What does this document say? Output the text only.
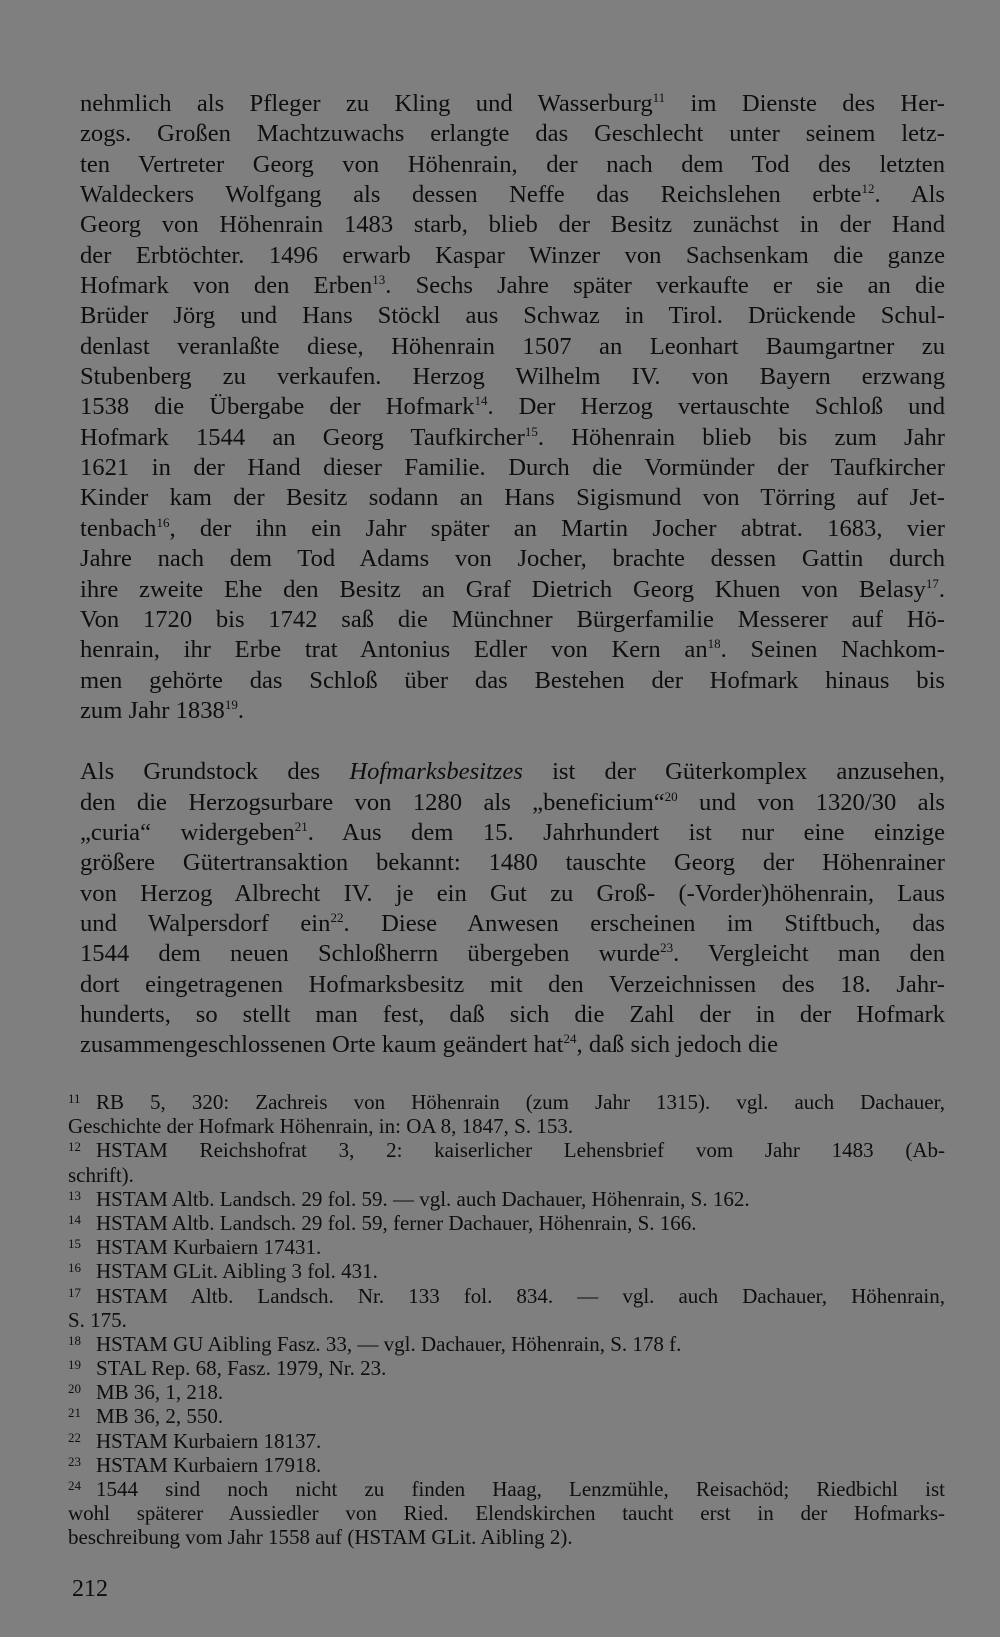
nehmlich als Pfleger zu Kling und Wasserburg$^{11}$ im Dienste des Her-
zogs. Großen Machtzuwachs erlangte das Geschlecht unter seinem letz-
ten Vertreter Georg von Höhenrain, der nach dem Tod des letzten
Waldeckers Wolfgang als dessen Neffe das Reichslehen erbte$^{12}$. Als
Georg von Höhenrain 1483 starb, blieb der Besitz zunächst in der Hand
der Erbtöchter. 1496 erwarb Kaspar Winzer von Sachsenkam die ganze
Hofmark von den Erben$^{13}$. Sechs Jahre später verkaufte er sie an die
Brüder Jörg und Hans Stöckl aus Schwaz in Tirol. Drückende Schul-
denlast veranlaßte diese, Höhenrain 1507 an Leonhart Baumgartner zu
Stubenberg zu verkaufen. Herzog Wilhelm IV. von Bayern erzwang
1538 die Übergabe der Hofmark$^{14}$. Der Herzog vertauschte Schloß und
Hofmark 1544 an Georg Taufkircher$^{15}$. Höhenrain blieb bis zum Jahr
1621 in der Hand dieser Familie. Durch die Vormünder der Taufkircher
Kinder kam der Besitz sodann an Hans Sigismund von Törring auf Jet-
tenbach$^{16}$, der ihn ein Jahr später an Martin Jocher abtrat. 1683, vier
Jahre nach dem Tod Adams von Jocher, brachte dessen Gattin durch
ihre zweite Ehe den Besitz an Graf Dietrich Georg Khuen von Belasy$^{17}$.
Von 1720 bis 1742 saß die Münchner Bürgerfamilie Messerer auf Hö-
henrain, ihr Erbe trat Antonius Edler von Kern $an^{18}$. Seinen Nachkom-
men gehörte das Schloß über das Bestehen der Hofmark hinaus bis
zum Jahr 1838$^{19}$.
Als Grundstock des Hofmarksbesitzes ist der Güterkomplex anzusehen,
den die Herzogsurbare von 1280 als „beneficium“$^{20}$ und von 1320/30 als
„curia“ widergeben$^{21}$. Aus dem 15. Jahrhundert ist nur eine einzige
größere Gütertransaktion bekannt: 1480 tauschte Georg der Höhenrainer
von Herzog Albrecht IV. je ein Gut zu Groß- (-Vorder)höhenrain, Laus
und Walpersdorf ein$^{22}$. Diese Anwesen erscheinen im Stiftbuch, das
1544 dem neuen Schloßherrn übergeben wurde$^{23}$. Vergleicht man den
dort eingetragenen Hofmarksbesitz mit den Verzeichnissen des 18. Jahr-
hunderts, so stellt man fest, daß sich die Zahl der in der Hofmark
zusammengeschlossenen Orte kaum geändert hat$^{24}$, daß sich jedoch die
11 RB 5, 320: Zachreis von Höhenrain (zum Jahr 1315). vgl. auch Dachauer,
Geschichte der Hofmark Höhenrain, in: OA 8, 1847, S. 153.
12 HSTAM Reichshofrat 3, 2: kaiserlicher Lehensbrief vom Jahr 1483 (Ab-
schrift).
13 HSTAM Altb. Landsch. 29 fol. 59. — vgl. auch Dachauer, Höhenrain, S. 162.
14 HSTAM Altb. Landsch. 29 fol. 59, ferner Dachauer, Höhenrain, S. 166.
15 HSTAM Kurbaiern 17431.
16 HSTAM GLit. Aibling 3 fol. 431.
17 HSTAM Altb. Landsch. Nr. 133 fol. 834. — vgl. auch Dachauer, Höhenrain,
S. 175.
18 HSTAM GU Aibling Fasz. 33, — vgl. Dachauer, Höhenrain, S. 178 f.
19 STAL Rep. 68, Fasz. 1979, Nr. 23.
20 MB 36, 1, 218.
21 MB 36, 2, 550.
22 HSTAM Kurbaiern 18137.
23 HSTAM Kurbaiern 17918.
24 1544 sind noch nicht zu finden Haag, Lenzmühle, Reisachöd; Riedbichl ist
wohl späterer Aussiedler von Ried. Elendskirchen taucht erst in der Hofmarks-
beschreibung vom Jahr 1558 auf (HSTAM GLit. Aibling 2).
212
